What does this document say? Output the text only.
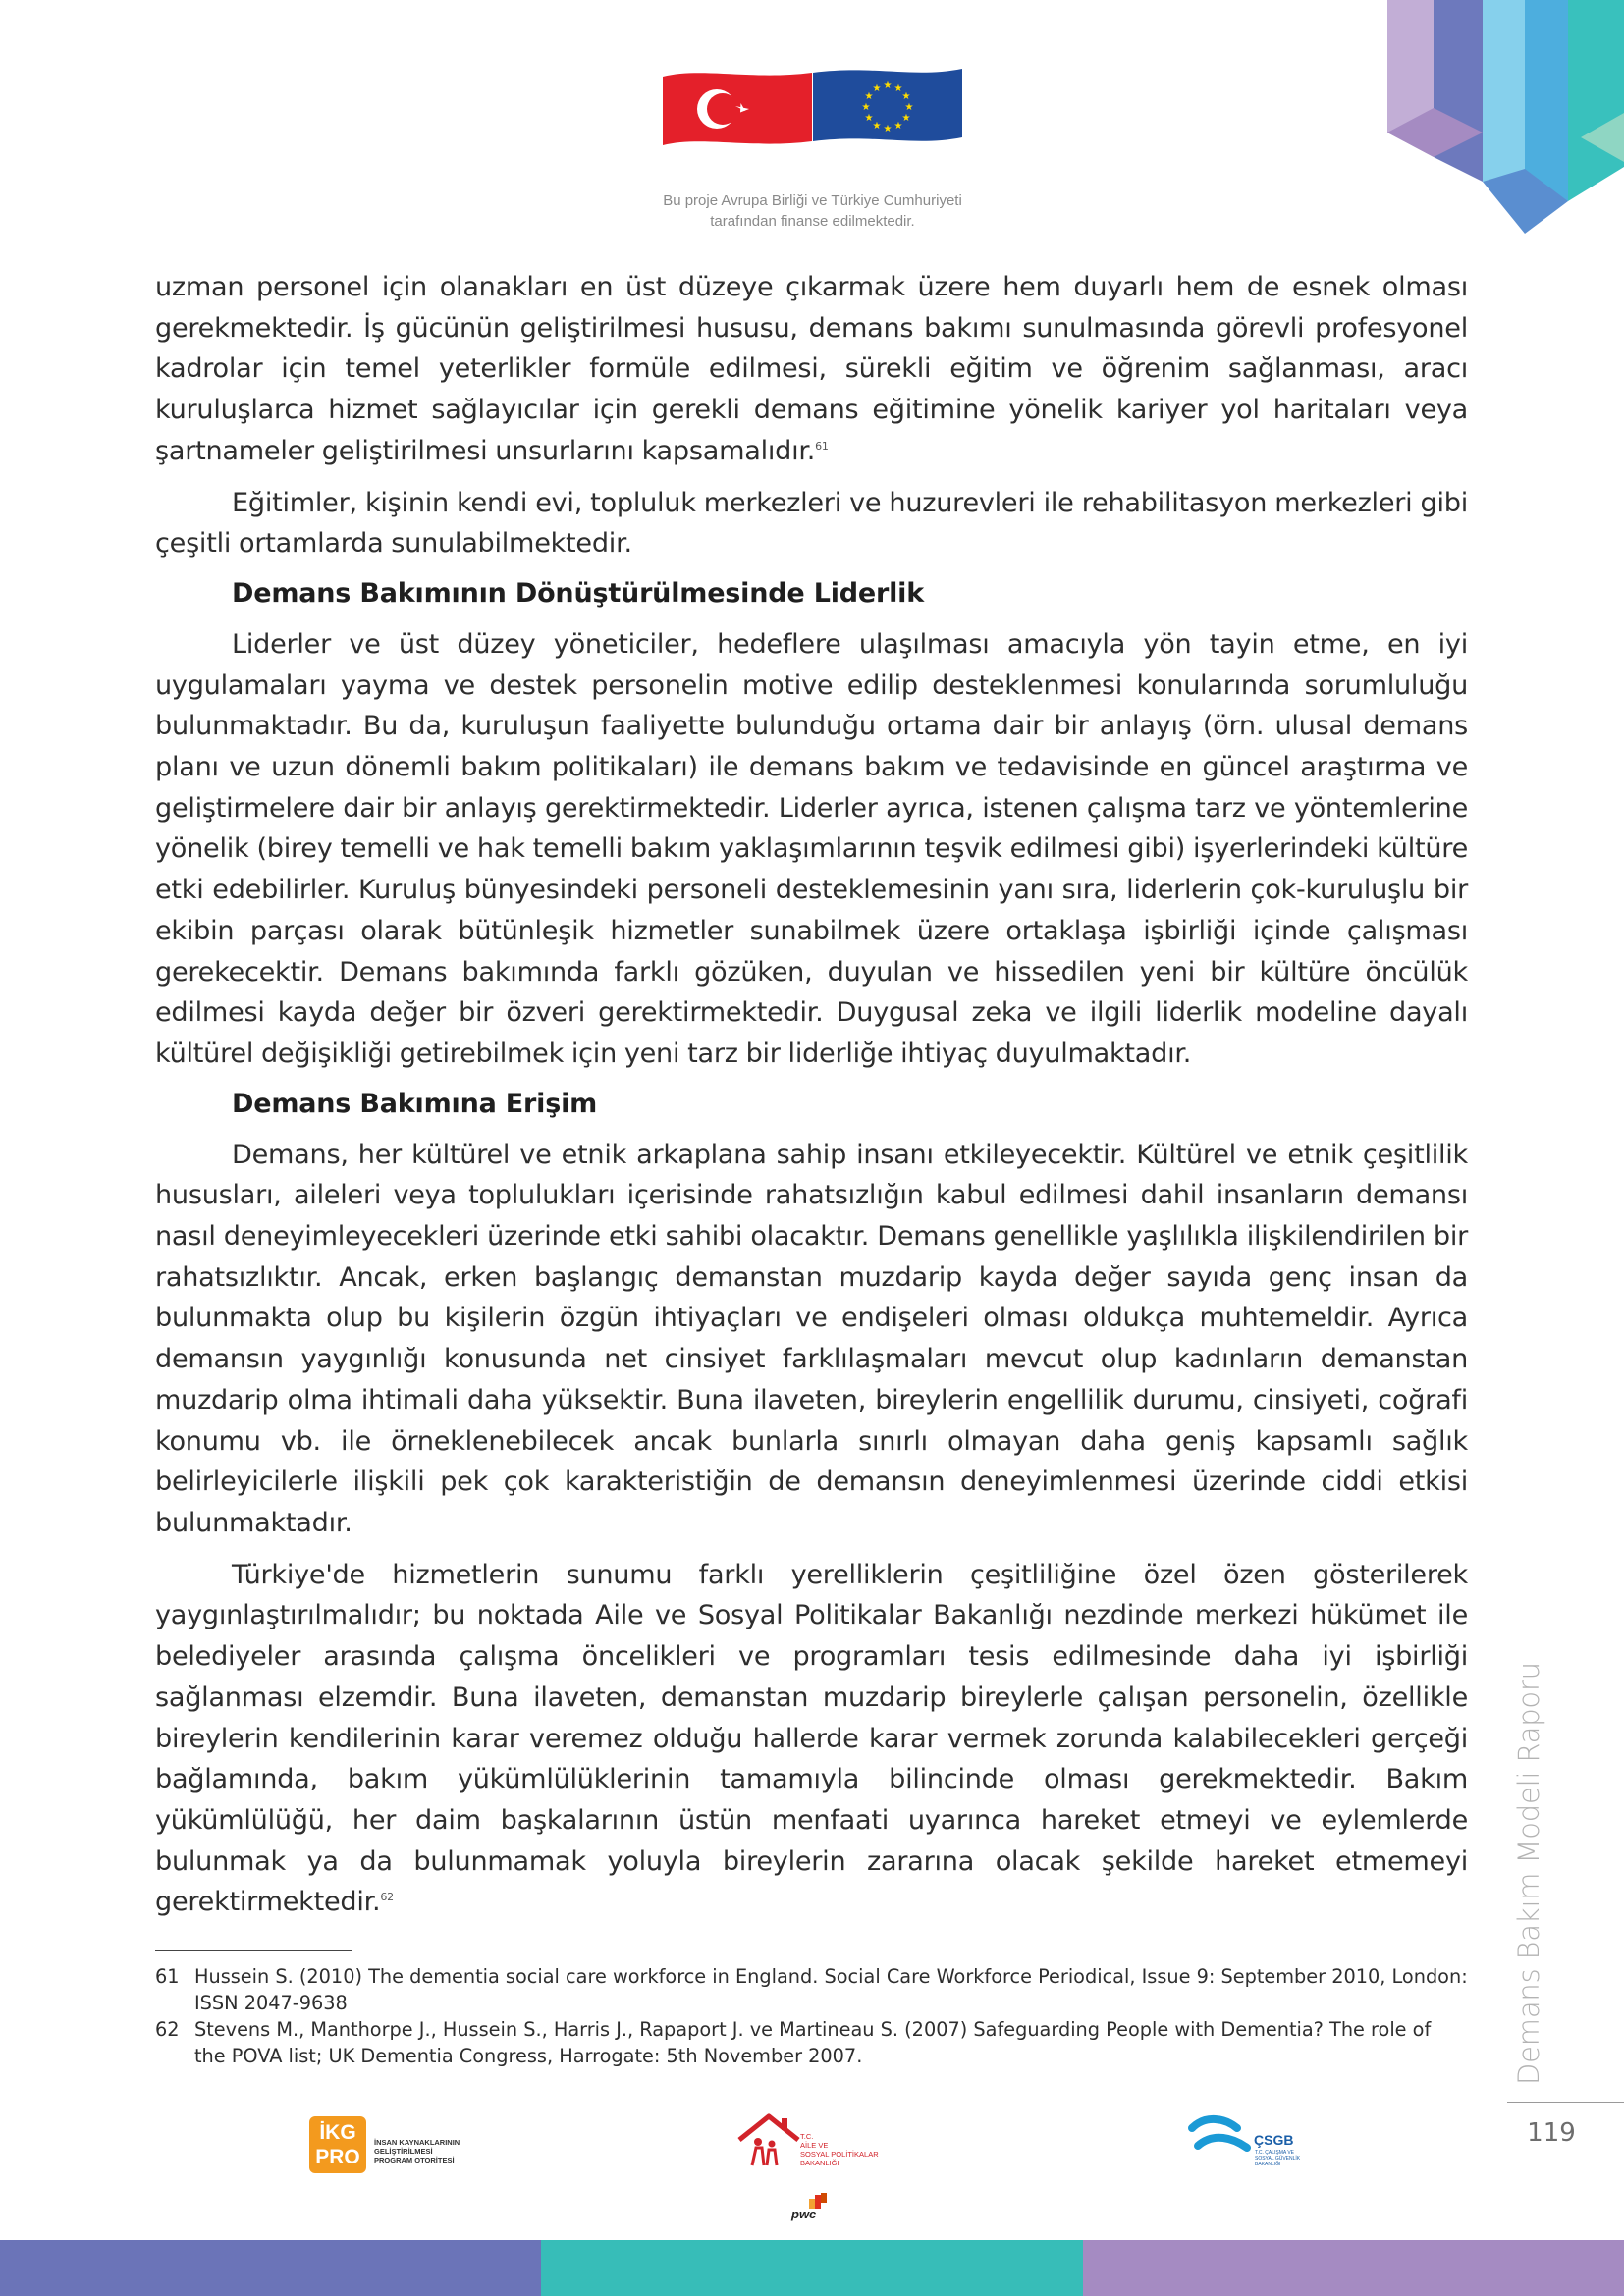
★ ★
★
★
★
★
★
★
★
★
★
★
Bu proje Avrupa Birliği ve Türkiye Cumhuriyeti
tarafından finanse edilmektedir.

uzman personel için olanakları en üst düzeye çıkarmak üzere hem duyarlı hem de esnek olması gerekmektedir. İş gücünün geliştirilmesi hususu, demans bakımı sunulmasında görevli profesyonel kadrolar için temel yeterlikler formüle edilmesi, sürekli eğitim ve öğrenim sağlanması, aracı kuruluşlarca hizmet sağlayıcılar için gerekli demans eğitimine yönelik kariyer yol haritaları veya şartnameler geliştirilmesi unsurlarını kapsamalıdır.$^{61}$

Eğitimler, kişinin kendi evi, topluluk merkezleri ve huzurevleri ile rehabilitasyon merkezleri gibi çeşitli ortamlarda sunulabilmektedir.

Demans Bakımının Dönüştürülmesinde Liderlik

Liderler ve üst düzey yöneticiler, hedeflere ulaşılması amacıyla yön tayin etme, en iyi uygulamaları yayma ve destek personelin motive edilip desteklenmesi konularında sorumluluğu bulunmaktadır. Bu da, kuruluşun faaliyette bulunduğu ortama dair bir anlayış (örn. ulusal demans planı ve uzun dönemli bakım politikaları) ile demans bakım ve tedavisinde en güncel araştırma ve geliştirmelere dair bir anlayış gerektirmektedir. Liderler ayrıca, istenen çalışma tarz ve yöntemlerine yönelik (birey temelli ve hak temelli bakım yaklaşımlarının teşvik edilmesi gibi) işyerlerindeki kültüre etki edebilirler. Kuruluş bünyesindeki personeli desteklemesinin yanı sıra, liderlerin çok-kuruluşlu bir ekibin parçası olarak bütünleşik hizmetler sunabilmek üzere ortaklaşa işbirliği içinde çalışması gerekecektir. Demans bakımında farklı gözüken, duyulan ve hissedilen yeni bir kültüre öncülük edilmesi kayda değer bir özveri gerektirmektedir. Duygusal zeka ve ilgili liderlik modeline dayalı kültürel değişikliği getirebilmek için yeni tarz bir liderliğe ihtiyaç duyulmaktadır.

Demans Bakımına Erişim

Demans, her kültürel ve etnik arkaplana sahip insanı etkileyecektir. Kültürel ve etnik çeşitlilik hususları, aileleri veya toplulukları içerisinde rahatsızlığın kabul edilmesi dahil insanların demansı nasıl deneyimleyecekleri üzerinde etki sahibi olacaktır. Demans genellikle yaşlılıkla ilişkilendirilen bir rahatsızlıktır. Ancak, erken başlangıç demanstan muzdarip kayda değer sayıda genç insan da bulunmakta olup bu kişilerin özgün ihtiyaçları ve endişeleri olması oldukça muhtemeldir. Ayrıca demansın yaygınlığı konusunda net cinsiyet farklılaşmaları mevcut olup kadınların demanstan muzdarip olma ihtimali daha yüksektir. Buna ilaveten, bireylerin engellilik durumu, cinsiyeti, coğrafi konumu vb. ile örneklenebilecek ancak bunlarla sınırlı olmayan daha geniş kapsamlı sağlık belirleyicilerle ilişkili pek çok karakteristiğin de demansın deneyimlenmesi üzerinde ciddi etkisi bulunmaktadır.

Türkiye'de hizmetlerin sunumu farklı yerelliklerin çeşitliliğine özel özen gösterilerek yaygınlaştırılmalıdır; bu noktada Aile ve Sosyal Politikalar Bakanlığı nezdinde merkezi hükümet ile belediyeler arasında çalışma öncelikleri ve programları tesis edilmesinde daha iyi işbirliği sağlanması elzemdir. Buna ilaveten, demanstan muzdarip bireylerle çalışan personelin, özellikle bireylerin kendilerinin karar veremez olduğu hallerde karar vermek zorunda kalabilecekleri gerçeği bağlamında, bakım yükümlülüklerinin tamamıyla bilincinde olması gerekmektedir. Bakım yükümlülüğü, her daim başkalarının üstün menfaati uyarınca hareket etmeyi ve eylemlerde bulunmak ya da bulunmamak yoluyla bireylerin zararına olacak şekilde hareket etmemeyi gerektirmektedir.$^{62}$

61 Hussein S. (2010) The dementia social care workforce in England. Social Care Workforce Periodical, Issue 9: September 2010, London: ISSN 2047-9638
62 Stevens M., Manthorpe J., Hussein S., Harris J., Rapaport J. ve Martineau S. (2007) Safeguarding People with Dementia? The role of the POVA list; UK Dementia Congress, Harrogate: 5th November 2007.	Demans Bakım Modeli Raporu
119
İKG
PRO
İNSAN KAYNAKLARININ
GELİŞTİRİLMESİ
PROGRAM OTORİTESİ
T.C.
AİLE VE
SOSYAL POLİTİKALAR
BAKANLIĞI
ÇSGB
T.C. ÇALIŞMA VE
SOSYAL GÜVENLİK
BAKANLIĞI
pwc
